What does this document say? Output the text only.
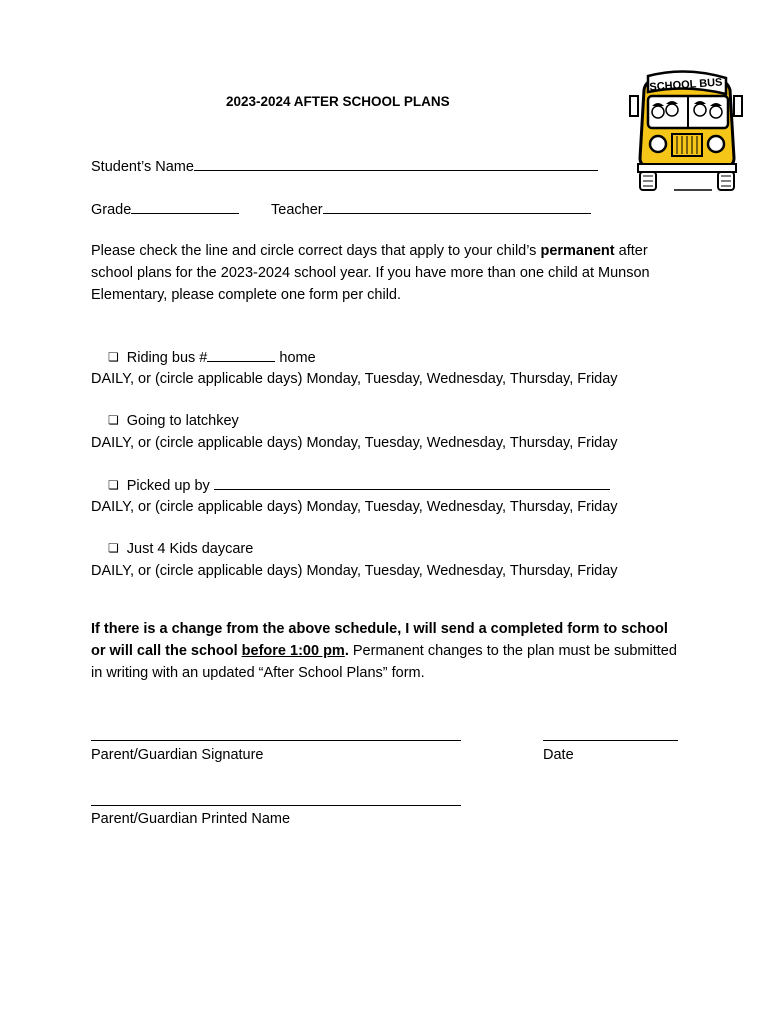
2023-2024 AFTER SCHOOL PLANS
SCHOOL BUS
Student’s Name
Grade	Teacher
Please check the line and circle correct days that apply to your child’s permanent after school plans for the 2023-2024 school year. If you have more than one child at Munson Elementary, please complete one form per child.
❏ Riding bus #	home
DAILY, or (circle applicable days) Monday, Tuesday, Wednesday, Thursday, Friday
❏ Going to latchkey
DAILY, or (circle applicable days) Monday, Tuesday, Wednesday, Thursday, Friday
❏ Picked up by
DAILY, or (circle applicable days) Monday, Tuesday, Wednesday, Thursday, Friday
❏ Just 4 Kids daycare
DAILY, or (circle applicable days) Monday, Tuesday, Wednesday, Thursday, Friday
If there is a change from the above schedule, I will send a completed form to school or will call the school before 1:00 pm. Permanent changes to the plan must be submitted in writing with an updated “After School Plans” form.
Parent/Guardian Signature	Date
Parent/Guardian Printed Name
